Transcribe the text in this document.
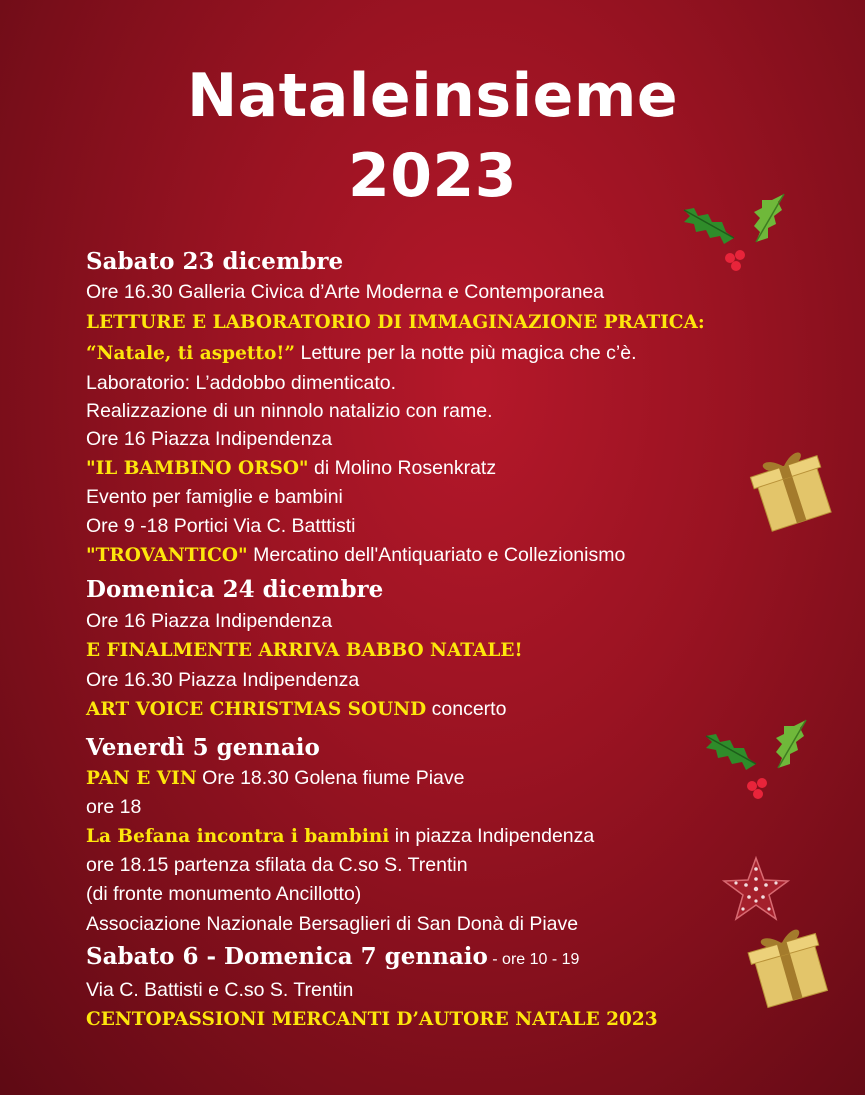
Nataleinsieme
2023
Sabato 23 dicembre
Ore 16.30 Galleria Civica d’Arte Moderna e Contemporanea
LETTURE E LABORATORIO DI IMMAGINAZIONE PRATICA:
“Natale, ti aspetto!” Letture per la notte più magica che c’è.
Laboratorio: L’addobbo dimenticato.
Realizzazione di un ninnolo natalizio con rame.
Ore 16 Piazza Indipendenza
"IL BAMBINO ORSO" di Molino Rosenkratz
Evento per famiglie e bambini
Ore 9 -18 Portici Via C. Batttisti
"TROVANTICO" Mercatino dell'Antiquariato e Collezionismo
Domenica 24 dicembre
Ore 16 Piazza Indipendenza
E FINALMENTE ARRIVA BABBO NATALE!
Ore 16.30 Piazza Indipendenza
ART VOICE CHRISTMAS SOUND concerto
Venerdì 5 gennaio
PAN E VIN Ore 18.30 Golena fiume Piave
ore 18
La Befana incontra i bambini in piazza Indipendenza
ore 18.15 partenza sfilata da C.so S. Trentin
(di fronte monumento Ancillotto)
Associazione Nazionale Bersaglieri di San Donà di Piave
Sabato 6 - Domenica 7 gennaio - ore 10 - 19
Via C. Battisti e C.so S. Trentin
CENTOPASSIONI MERCANTI D’AUTORE NATALE 2023
